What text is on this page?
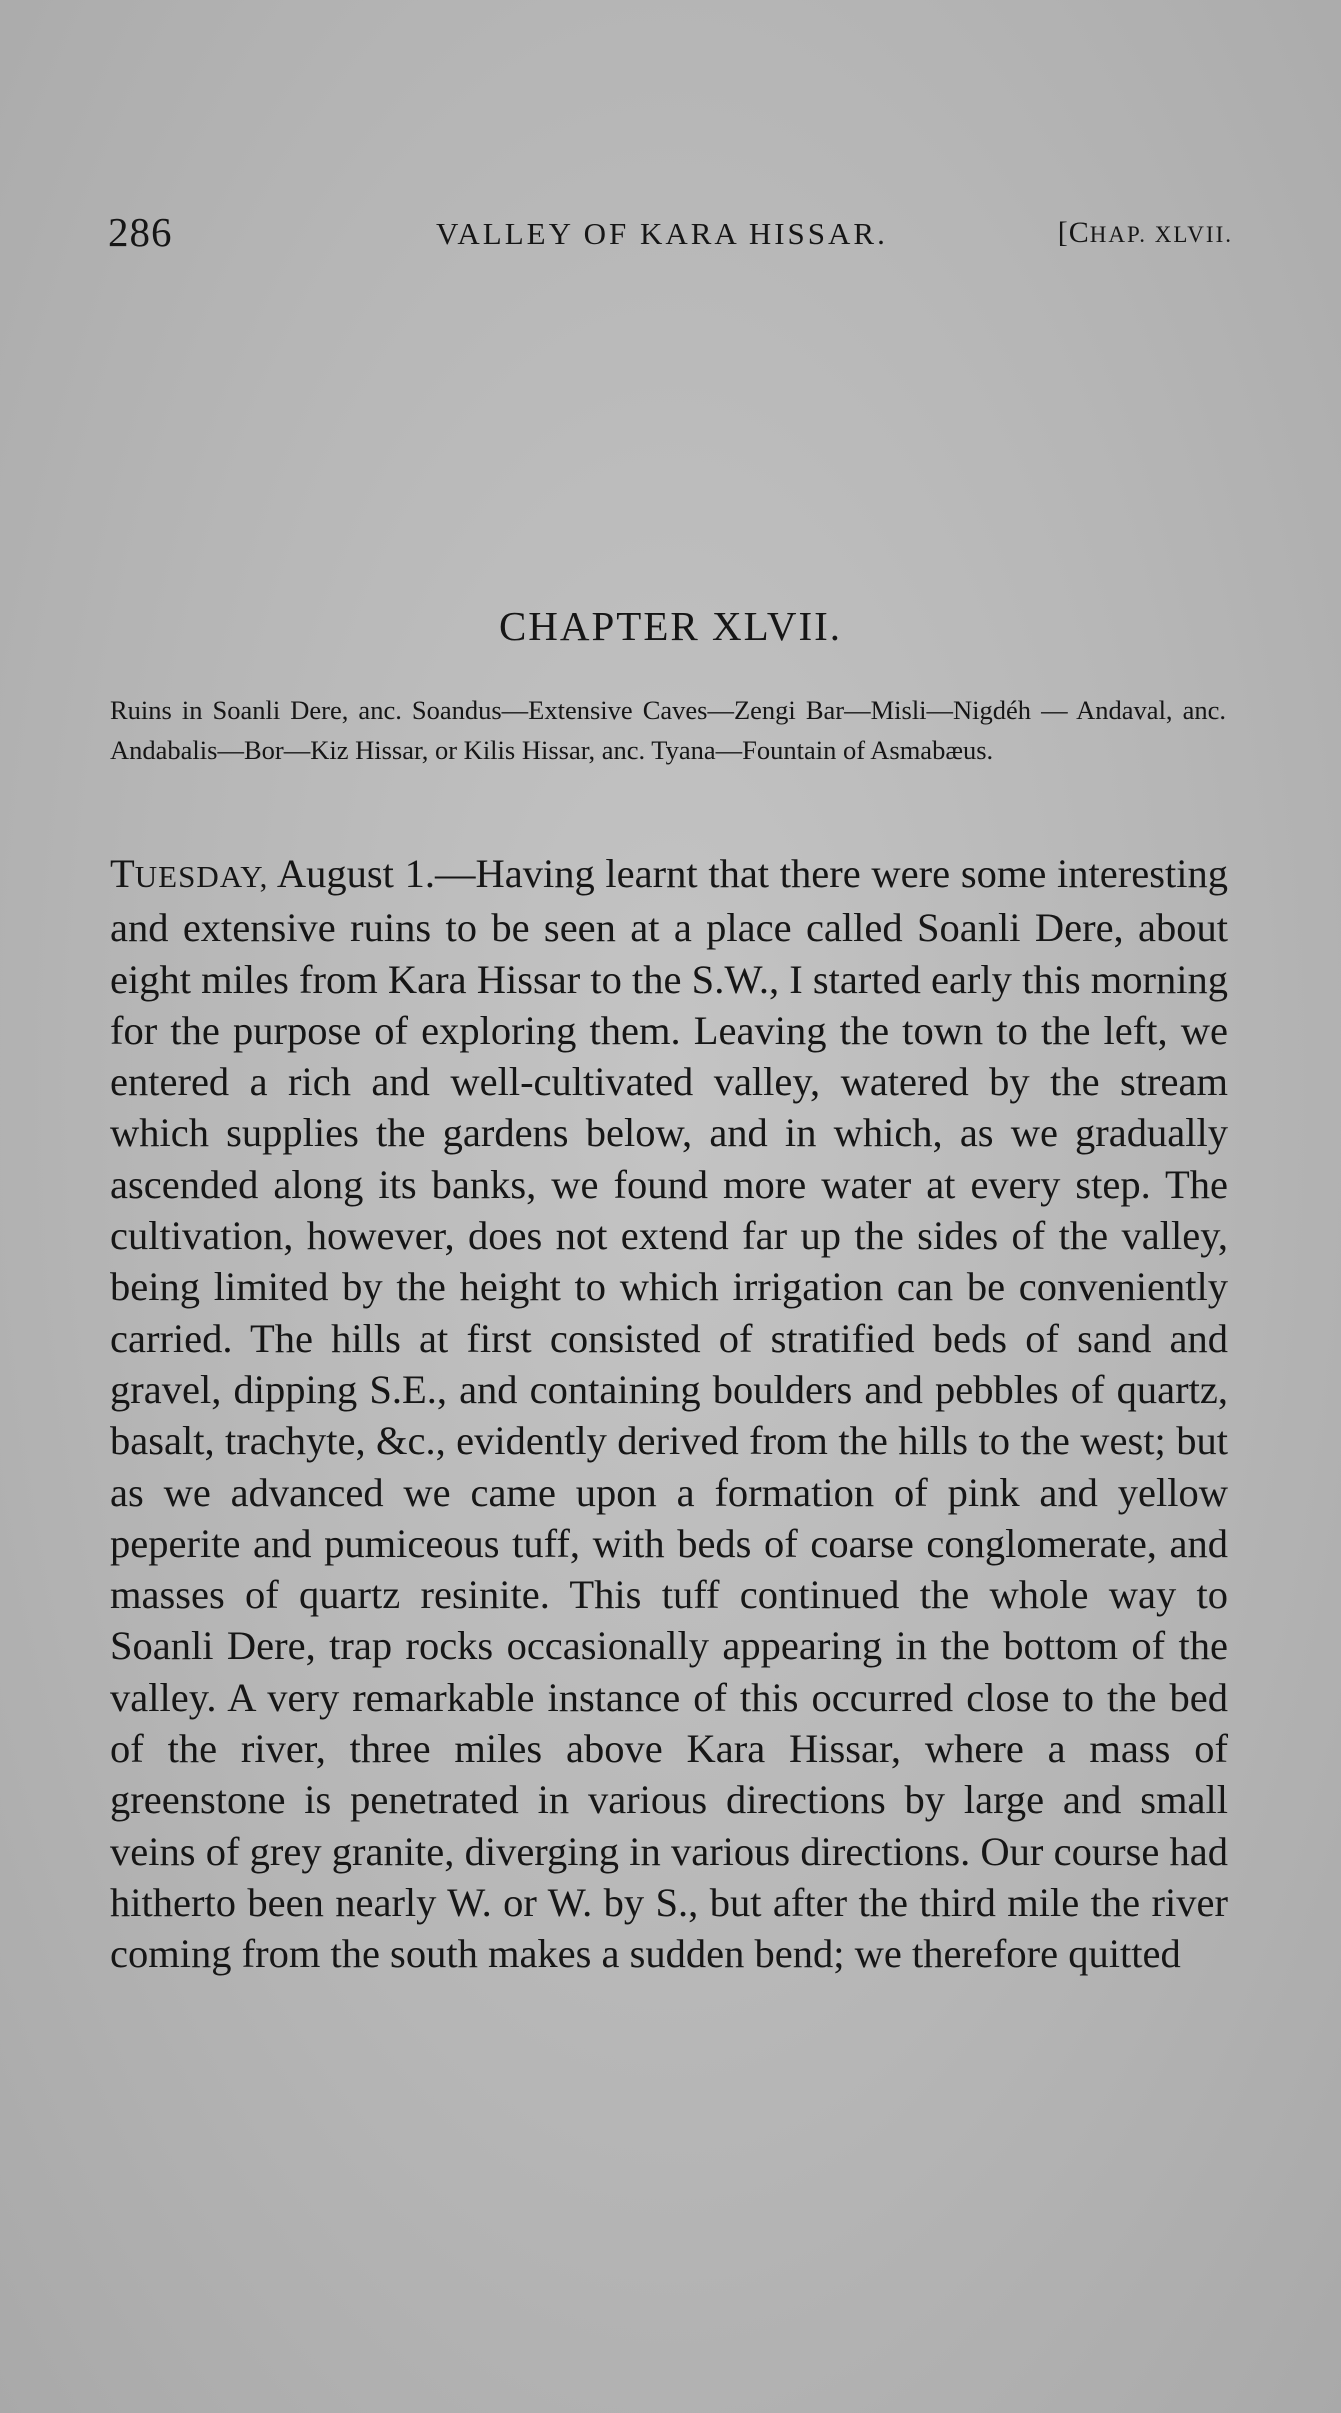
286	VALLEY OF KARA HISSAR.	[CHAP. XLVII.
CHAPTER XLVII.
Ruins in Soanli Dere, anc. Soandus—Extensive Caves—Zengi Bar—Misli—Nigdéh — Andaval, anc. Andabalis—Bor—Kiz Hissar, or Kilis Hissar, anc. Tyana—Fountain of Asmabæus.

TUESDAY, August 1.—Having learnt that there were some interesting and extensive ruins to be seen at a place called Soanli Dere, about eight miles from Kara Hissar to the S.W., I started early this morning for the purpose of exploring them. Leaving the town to the left, we entered a rich and well-cultivated valley, watered by the stream which supplies the gardens below, and in which, as we gradually ascended along its banks, we found more water at every step. The cultivation, however, does not extend far up the sides of the valley, being limited by the height to which irrigation can be conveniently carried. The hills at first consisted of stratified beds of sand and gravel, dipping S.E., and containing boulders and pebbles of quartz, basalt, trachyte, &c., evidently derived from the hills to the west; but as we advanced we came upon a formation of pink and yellow peperite and pumiceous tuff, with beds of coarse conglomerate, and masses of quartz resinite. This tuff continued the whole way to Soanli Dere, trap rocks occasionally appearing in the bottom of the valley. A very remarkable instance of this occurred close to the bed of the river, three miles above Kara Hissar, where a mass of greenstone is penetrated in various directions by large and small veins of grey granite, diverging in various directions. Our course had hitherto been nearly W. or W. by S., but after the third mile the river coming from the south makes a sudden bend; we therefore quitted
